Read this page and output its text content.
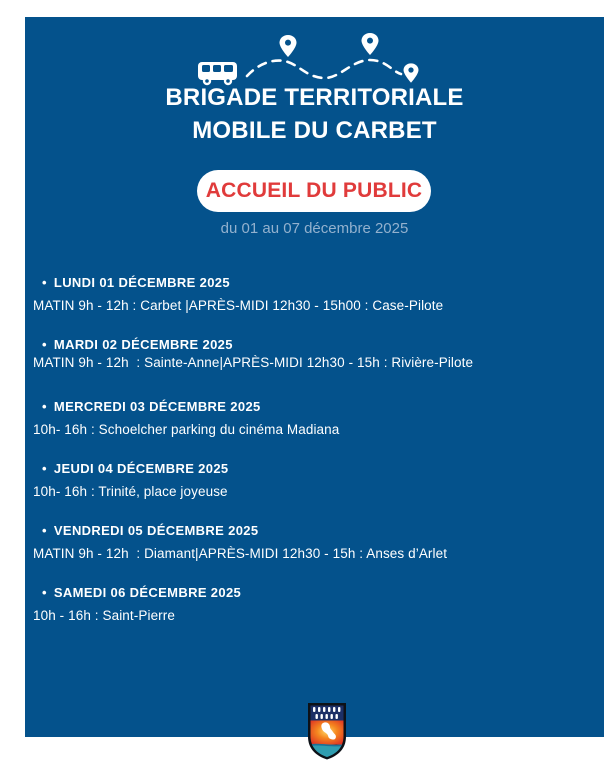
BRIGADE TERRITORIALE
MOBILE DU CARBET
ACCUEIL DU PUBLIC
du 01 au 07 décembre 2025
• LUNDI 01 DÉCEMBRE 2025
MATIN 9h - 12h : Carbet |APRÈS-MIDI 12h30 - 15h00 : Case-Pilote
• MARDI 02 DÉCEMBRE 2025
MATIN 9h - 12h  : Sainte-Anne|APRÈS-MIDI 12h30 - 15h : Rivière-Pilote
• MERCREDI 03 DÉCEMBRE 2025
10h- 16h : Schoelcher parking du cinéma Madiana
• JEUDI 04 DÉCEMBRE 2025
10h- 16h : Trinité, place joyeuse
• VENDREDI 05 DÉCEMBRE 2025
MATIN 9h - 12h  : Diamant|APRÈS-MIDI 12h30 - 15h : Anses d’Arlet
• SAMEDI 06 DÉCEMBRE 2025
10h - 16h : Saint-Pierre
